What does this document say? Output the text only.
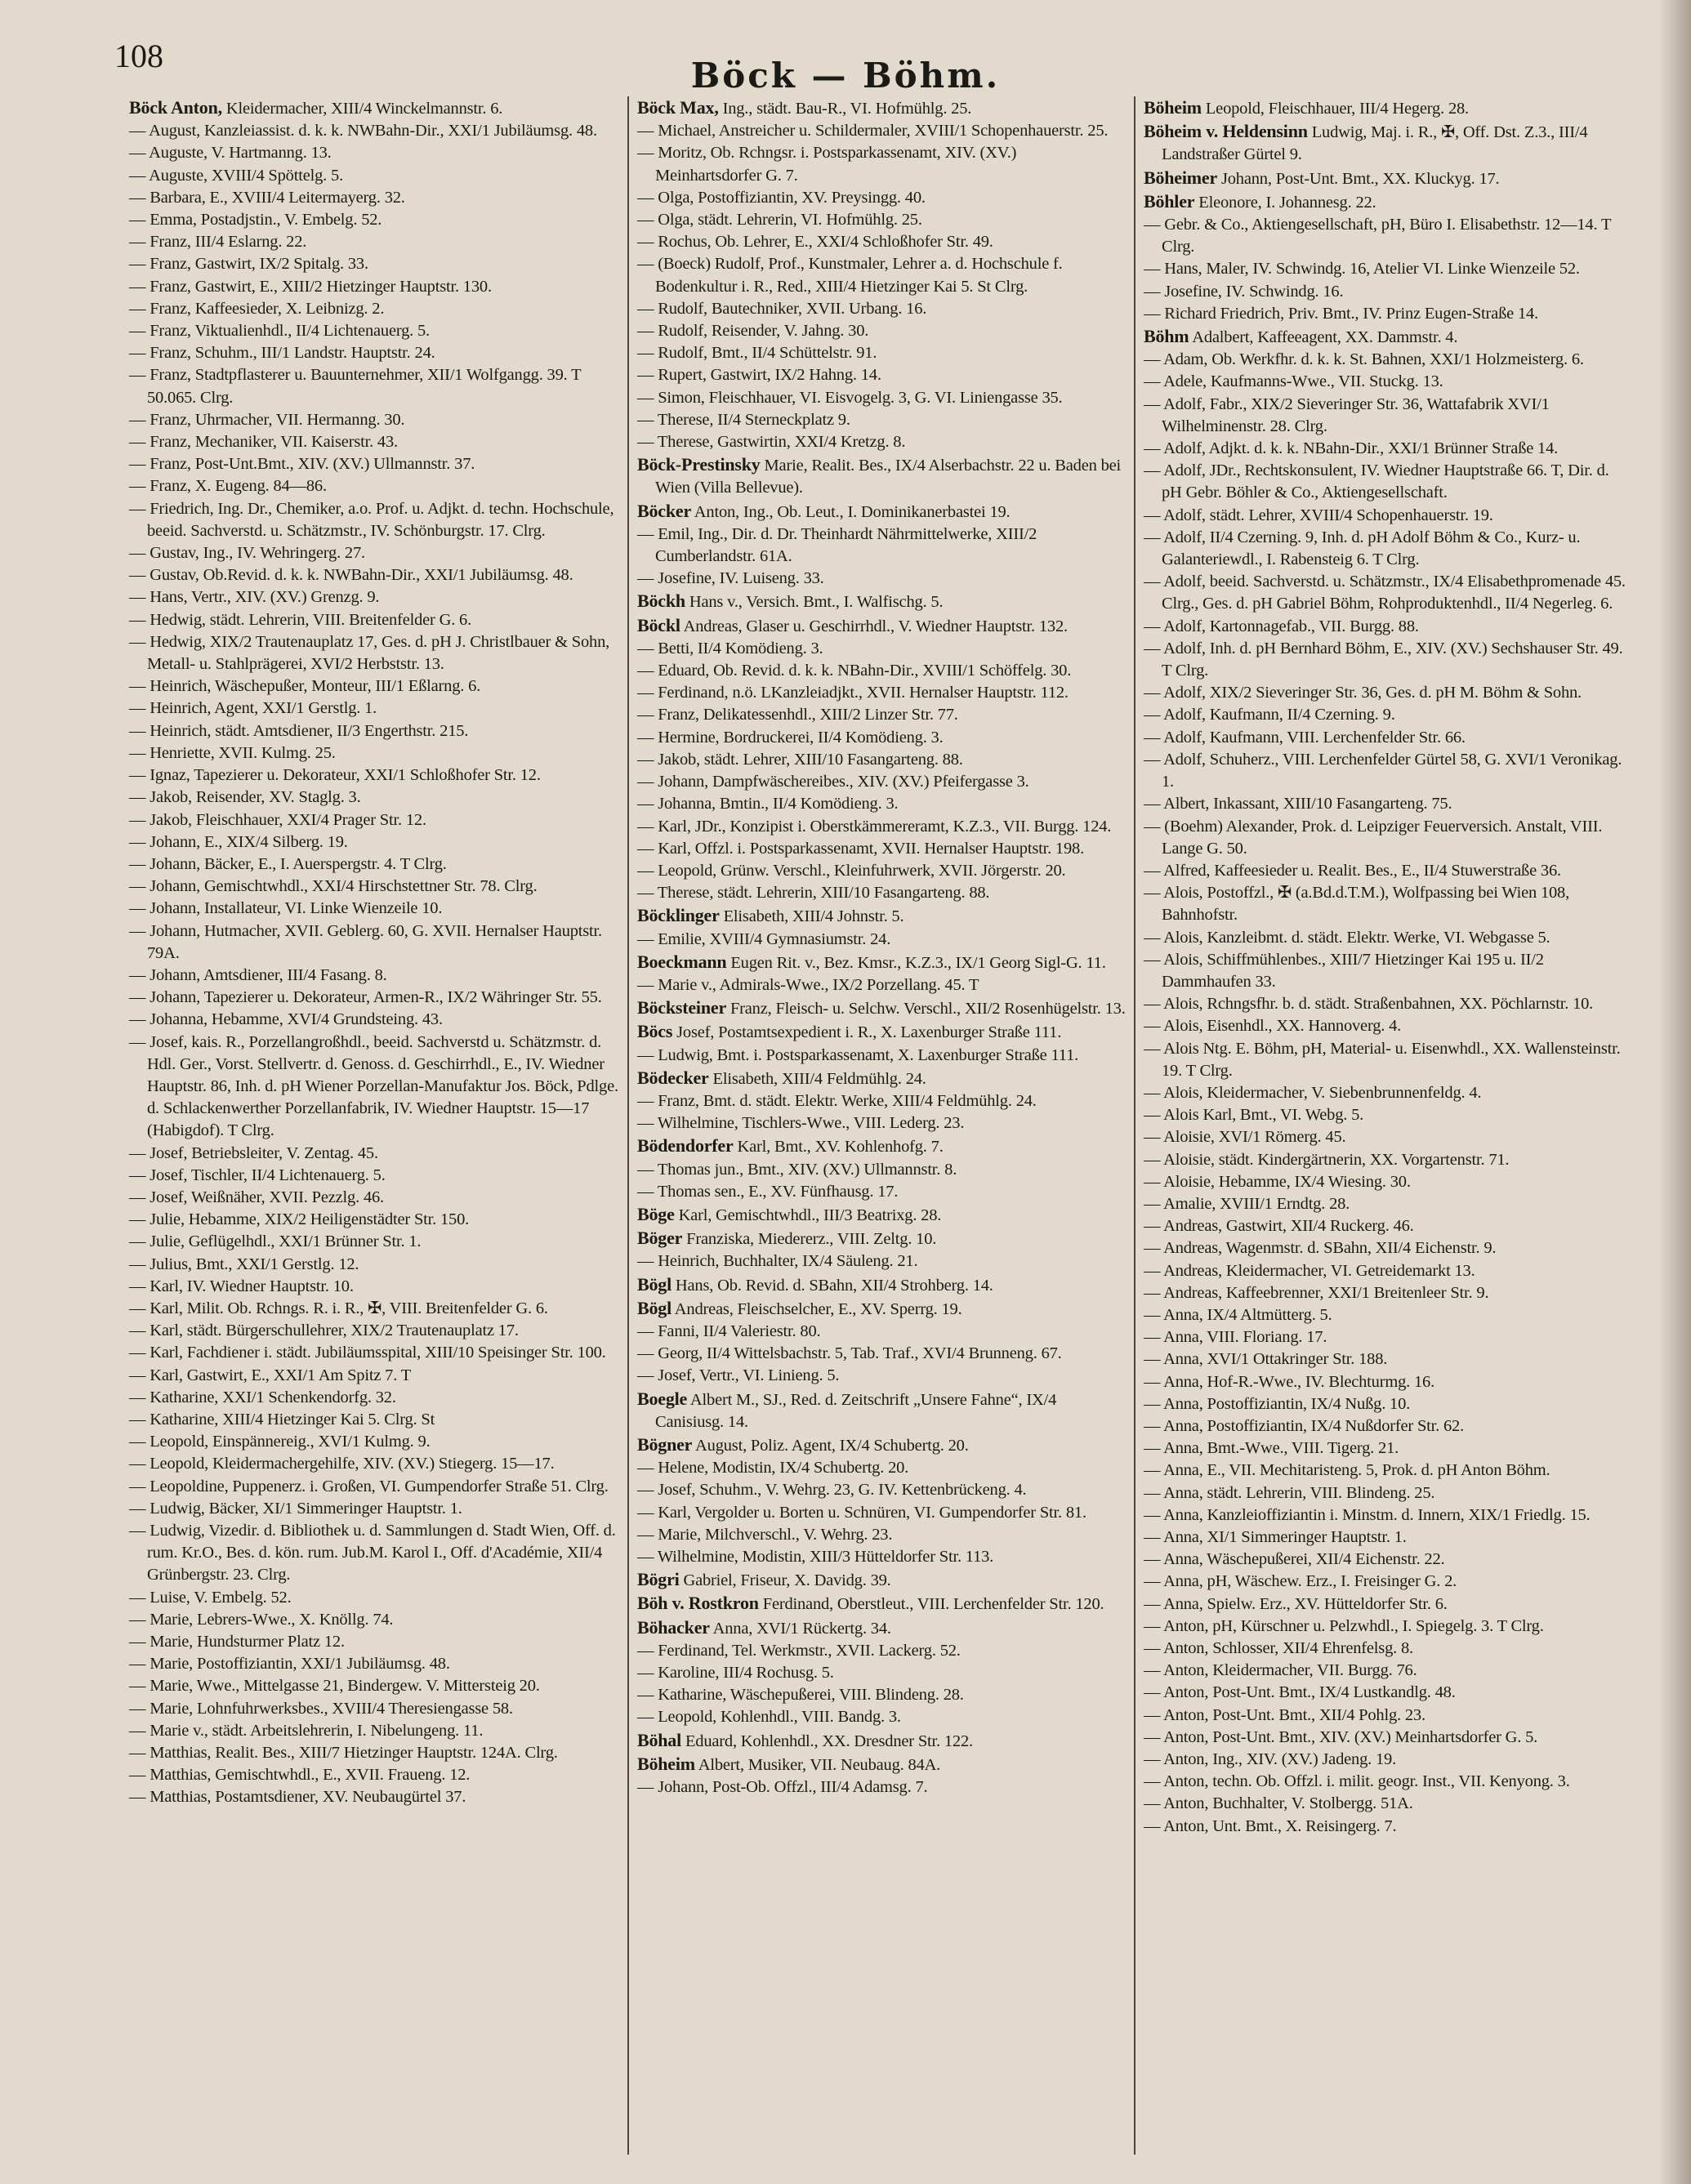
108	Böck — Böhm.
Böck Anton, Kleidermacher, XIII/4 Winckelmannstr. 6.
— August, Kanzleiassist. d. k. k. NWBahn-Dir., XXI/1 Jubiläumsg. 48.
— Auguste, V. Hartmanng. 13.
— Auguste, XVIII/4 Spöttelg. 5.
— Barbara, E., XVIII/4 Leitermayerg. 32.
— Emma, Postadjstin., V. Embelg. 52.
— Franz, III/4 Eslarng. 22.
— Franz, Gastwirt, IX/2 Spitalg. 33.
— Franz, Gastwirt, E., XIII/2 Hietzinger Hauptstr. 130.
— Franz, Kaffeesieder, X. Leibnizg. 2.
— Franz, Viktualienhdl., II/4 Lichtenauerg. 5.
— Franz, Schuhm., III/1 Landstr. Hauptstr. 24.
— Franz, Stadtpflasterer u. Bauunternehmer, XII/1 Wolfgangg. 39. T 50.065. Clrg.
— Franz, Uhrmacher, VII. Hermanng. 30.
— Franz, Mechaniker, VII. Kaiserstr. 43.
— Franz, Post-Unt.Bmt., XIV. (XV.) Ullmannstr. 37.
— Franz, X. Eugeng. 84—86.
— Friedrich, Ing. Dr., Chemiker, a.o. Prof. u. Adjkt. d. techn. Hochschule, beeid. Sachverstd. u. Schätzmstr., IV. Schönburgstr. 17. Clrg.
— Gustav, Ing., IV. Wehringerg. 27.
— Gustav, Ob.Revid. d. k. k. NWBahn-Dir., XXI/1 Jubiläumsg. 48.
— Hans, Vertr., XIV. (XV.) Grenzg. 9.
— Hedwig, städt. Lehrerin, VIII. Breitenfelder G. 6.
— Hedwig, XIX/2 Trautenauplatz 17, Ges. d. pH J. Christlbauer & Sohn, Metall- u. Stahlprägerei, XVI/2 Herbststr. 13.
— Heinrich, Wäschepußer, Monteur, III/1 Eßlarng. 6.
— Heinrich, Agent, XXI/1 Gerstlg. 1.
— Heinrich, städt. Amtsdiener, II/3 Engerthstr. 215.
— Henriette, XVII. Kulmg. 25.
— Ignaz, Tapezierer u. Dekorateur, XXI/1 Schloßhofer Str. 12.
— Jakob, Reisender, XV. Staglg. 3.
— Jakob, Fleischhauer, XXI/4 Prager Str. 12.
— Johann, E., XIX/4 Silberg. 19.
— Johann, Bäcker, E., I. Auerspergstr. 4. T Clrg.
— Johann, Gemischtwhdl., XXI/4 Hirschstettner Str. 78. Clrg.
— Johann, Installateur, VI. Linke Wienzeile 10.
— Johann, Hutmacher, XVII. Geblerg. 60, G. XVII. Hernalser Hauptstr. 79A.
— Johann, Amtsdiener, III/4 Fasang. 8.
— Johann, Tapezierer u. Dekorateur, Armen-R., IX/2 Währinger Str. 55.
— Johanna, Hebamme, XVI/4 Grundsteing. 43.
— Josef, kais. R., Porzellangroßhdl., beeid. Sachverstd u. Schätzmstr. d. Hdl. Ger., Vorst. Stellvertr. d. Genoss. d. Geschirrhdl., E., IV. Wiedner Hauptstr. 86, Inh. d. pH Wiener Porzellan-Manufaktur Jos. Böck, Pdlge. d. Schlackenwerther Porzellanfabrik, IV. Wiedner Hauptstr. 15—17 (Habigdof). T Clrg.
— Josef, Betriebsleiter, V. Zentag. 45.
— Josef, Tischler, II/4 Lichtenauerg. 5.
— Josef, Weißnäher, XVII. Pezzlg. 46.
— Julie, Hebamme, XIX/2 Heiligenstädter Str. 150.
— Julie, Geflügelhdl., XXI/1 Brünner Str. 1.
— Julius, Bmt., XXI/1 Gerstlg. 12.
— Karl, IV. Wiedner Hauptstr. 10.
— Karl, Milit. Ob. Rchngs. R. i. R., ✠, VIII. Breitenfelder G. 6.
— Karl, städt. Bürgerschullehrer, XIX/2 Trautenauplatz 17.
— Karl, Fachdiener i. städt. Jubiläumsspital, XIII/10 Speisinger Str. 100.
— Karl, Gastwirt, E., XXI/1 Am Spitz 7. T
— Katharine, XXI/1 Schenkendorfg. 32.
— Katharine, XIII/4 Hietzinger Kai 5. Clrg. St
— Leopold, Einspännereig., XVI/1 Kulmg. 9.
— Leopold, Kleidermachergehilfe, XIV. (XV.) Stiegerg. 15—17.
— Leopoldine, Puppenerz. i. Großen, VI. Gumpendorfer Straße 51. Clrg.
— Ludwig, Bäcker, XI/1 Simmeringer Hauptstr. 1.
— Ludwig, Vizedir. d. Bibliothek u. d. Sammlungen d. Stadt Wien, Off. d. rum. Kr.O., Bes. d. kön. rum. Jub.M. Karol I., Off. d'Académie, XII/4 Grünbergstr. 23. Clrg.
— Luise, V. Embelg. 52.
— Marie, Lebrers-Wwe., X. Knöllg. 74.
— Marie, Hundsturmer Platz 12.
— Marie, Postoffiziantin, XXI/1 Jubiläumsg. 48.
— Marie, Wwe., Mittelgasse 21, Bindergew. V. Mittersteig 20.
— Marie, Lohnfuhrwerksbes., XVIII/4 Theresiengasse 58.
— Marie v., städt. Arbeitslehrerin, I. Nibelungeng. 11.
— Matthias, Realit. Bes., XIII/7 Hietzinger Hauptstr. 124A. Clrg.
— Matthias, Gemischtwhdl., E., XVII. Fraueng. 12.
— Matthias, Postamtsdiener, XV. Neubaugürtel 37.
Böck Max, Ing., städt. Bau-R., VI. Hofmühlg. 25.
— Michael, Anstreicher u. Schildermaler, XVIII/1 Schopenhauerstr. 25.
— Moritz, Ob. Rchngsr. i. Postsparkassenamt, XIV. (XV.) Meinhartsdorfer G. 7.
— Olga, Postoffiziantin, XV. Preysingg. 40.
— Olga, städt. Lehrerin, VI. Hofmühlg. 25.
— Rochus, Ob. Lehrer, E., XXI/4 Schloßhofer Str. 49.
— (Boeck) Rudolf, Prof., Kunstmaler, Lehrer a. d. Hochschule f. Bodenkultur i. R., Red., XIII/4 Hietzinger Kai 5. St Clrg.
— Rudolf, Bautechniker, XVII. Urbang. 16.
— Rudolf, Reisender, V. Jahng. 30.
— Rudolf, Bmt., II/4 Schüttelstr. 91.
— Rupert, Gastwirt, IX/2 Hahng. 14.
— Simon, Fleischhauer, VI. Eisvogelg. 3, G. VI. Liniengasse 35.
— Therese, II/4 Sterneckplatz 9.
— Therese, Gastwirtin, XXI/4 Kretzg. 8.
Böck-Prestinsky Marie, Realit. Bes., IX/4 Alserbachstr. 22 u. Baden bei Wien (Villa Bellevue).
Böcker Anton, Ing., Ob. Leut., I. Dominikanerbastei 19.
— Emil, Ing., Dir. d. Dr. Theinhardt Nährmittelwerke, XIII/2 Cumberlandstr. 61A.
— Josefine, IV. Luiseng. 33.
Böckh Hans v., Versich. Bmt., I. Walfischg. 5.
Böckl Andreas, Glaser u. Geschirrhdl., V. Wiedner Hauptstr. 132.
— Betti, II/4 Komödieng. 3.
— Eduard, Ob. Revid. d. k. k. NBahn-Dir., XVIII/1 Schöffelg. 30.
— Ferdinand, n.ö. LKanzleiadjkt., XVII. Hernalser Hauptstr. 112.
— Franz, Delikatessenhdl., XIII/2 Linzer Str. 77.
— Hermine, Bordruckerei, II/4 Komödieng. 3.
— Jakob, städt. Lehrer, XIII/10 Fasangarteng. 88.
— Johann, Dampfwäschereibes., XIV. (XV.) Pfeifergasse 3.
— Johanna, Bmtin., II/4 Komödieng. 3.
— Karl, JDr., Konzipist i. Oberstkämmereramt, K.Z.3., VII. Burgg. 124.
— Karl, Offzl. i. Postsparkassenamt, XVII. Hernalser Hauptstr. 198.
— Leopold, Grünw. Verschl., Kleinfuhrwerk, XVII. Jörgerstr. 20.
— Therese, städt. Lehrerin, XIII/10 Fasangarteng. 88.
Böcklinger Elisabeth, XIII/4 Johnstr. 5.
— Emilie, XVIII/4 Gymnasiumstr. 24.
Boeckmann Eugen Rit. v., Bez. Kmsr., K.Z.3., IX/1 Georg Sigl-G. 11.
— Marie v., Admirals-Wwe., IX/2 Porzellang. 45. T
Böcksteiner Franz, Fleisch- u. Selchw. Verschl., XII/2 Rosenhügelstr. 13.
Böcs Josef, Postamtsexpedient i. R., X. Laxenburger Straße 111.
— Ludwig, Bmt. i. Postsparkassenamt, X. Laxenburger Straße 111.
Bödecker Elisabeth, XIII/4 Feldmühlg. 24.
— Franz, Bmt. d. städt. Elektr. Werke, XIII/4 Feldmühlg. 24.
— Wilhelmine, Tischlers-Wwe., VIII. Lederg. 23.
Bödendorfer Karl, Bmt., XV. Kohlenhofg. 7.
— Thomas jun., Bmt., XIV. (XV.) Ullmannstr. 8.
— Thomas sen., E., XV. Fünfhausg. 17.
Böge Karl, Gemischtwhdl., III/3 Beatrixg. 28.
Böger Franziska, Miedererz., VIII. Zeltg. 10.
— Heinrich, Buchhalter, IX/4 Säuleng. 21.
Bögl Hans, Ob. Revid. d. SBahn, XII/4 Strohberg. 14.
Bögl Andreas, Fleischselcher, E., XV. Sperrg. 19.
— Fanni, II/4 Valeriestr. 80.
— Georg, II/4 Wittelsbachstr. 5, Tab. Traf., XVI/4 Brunneng. 67.
— Josef, Vertr., VI. Linieng. 5.
Boegle Albert M., SJ., Red. d. Zeitschrift „Unsere Fahne“, IX/4 Canisiusg. 14.
Bögner August, Poliz. Agent, IX/4 Schubertg. 20.
— Helene, Modistin, IX/4 Schubertg. 20.
— Josef, Schuhm., V. Wehrg. 23, G. IV. Kettenbrückeng. 4.
— Karl, Vergolder u. Borten u. Schnüren, VI. Gumpendorfer Str. 81.
— Marie, Milchverschl., V. Wehrg. 23.
— Wilhelmine, Modistin, XIII/3 Hütteldorfer Str. 113.
Bögri Gabriel, Friseur, X. Davidg. 39.
Böh v. Rostkron Ferdinand, Oberstleut., VIII. Lerchenfelder Str. 120.
Böhacker Anna, XVI/1 Rückertg. 34.
— Ferdinand, Tel. Werkmstr., XVII. Lackerg. 52.
— Karoline, III/4 Rochusg. 5.
— Katharine, Wäschepußerei, VIII. Blindeng. 28.
— Leopold, Kohlenhdl., VIII. Bandg. 3.
Böhal Eduard, Kohlenhdl., XX. Dresdner Str. 122.
Böheim Albert, Musiker, VII. Neubaug. 84A.
— Johann, Post-Ob. Offzl., III/4 Adamsg. 7.
Böheim Leopold, Fleischhauer, III/4 Hegerg. 28.
Böheim v. Heldensinn Ludwig, Maj. i. R., ✠, Off. Dst. Z.3., III/4 Landstraßer Gürtel 9.
Böheimer Johann, Post-Unt. Bmt., XX. Kluckyg. 17.
Böhler Eleonore, I. Johannesg. 22.
— Gebr. & Co., Aktiengesellschaft, pH, Büro I. Elisabethstr. 12—14. T Clrg.
— Hans, Maler, IV. Schwindg. 16, Atelier VI. Linke Wienzeile 52.
— Josefine, IV. Schwindg. 16.
— Richard Friedrich, Priv. Bmt., IV. Prinz Eugen-Straße 14.
Böhm Adalbert, Kaffeeagent, XX. Dammstr. 4.
— Adam, Ob. Werkfhr. d. k. k. St. Bahnen, XXI/1 Holzmeisterg. 6.
— Adele, Kaufmanns-Wwe., VII. Stuckg. 13.
— Adolf, Fabr., XIX/2 Sieveringer Str. 36, Wattafabrik XVI/1 Wilhelminenstr. 28. Clrg.
— Adolf, Adjkt. d. k. k. NBahn-Dir., XXI/1 Brünner Straße 14.
— Adolf, JDr., Rechtskonsulent, IV. Wiedner Hauptstraße 66. T, Dir. d. pH Gebr. Böhler & Co., Aktiengesellschaft.
— Adolf, städt. Lehrer, XVIII/4 Schopenhauerstr. 19.
— Adolf, II/4 Czerning. 9, Inh. d. pH Adolf Böhm & Co., Kurz- u. Galanteriewdl., I. Rabensteig 6. T Clrg.
— Adolf, beeid. Sachverstd. u. Schätzmstr., IX/4 Elisabethpromenade 45. Clrg., Ges. d. pH Gabriel Böhm, Rohproduktenhdl., II/4 Negerleg. 6.
— Adolf, Kartonnagefab., VII. Burgg. 88.
— Adolf, Inh. d. pH Bernhard Böhm, E., XIV. (XV.) Sechshauser Str. 49. T Clrg.
— Adolf, XIX/2 Sieveringer Str. 36, Ges. d. pH M. Böhm & Sohn.
— Adolf, Kaufmann, II/4 Czerning. 9.
— Adolf, Kaufmann, VIII. Lerchenfelder Str. 66.
— Adolf, Schuherz., VIII. Lerchenfelder Gürtel 58, G. XVI/1 Veronikag. 1.
— Albert, Inkassant, XIII/10 Fasangarteng. 75.
— (Boehm) Alexander, Prok. d. Leipziger Feuerversich. Anstalt, VIII. Lange G. 50.
— Alfred, Kaffeesieder u. Realit. Bes., E., II/4 Stuwerstraße 36.
— Alois, Postoffzl., ✠ (a.Bd.d.T.M.), Wolfpassing bei Wien 108, Bahnhofstr.
— Alois, Kanzleibmt. d. städt. Elektr. Werke, VI. Webgasse 5.
— Alois, Schiffmühlenbes., XIII/7 Hietzinger Kai 195 u. II/2 Dammhaufen 33.
— Alois, Rchngsfhr. b. d. städt. Straßenbahnen, XX. Pöchlarnstr. 10.
— Alois, Eisenhdl., XX. Hannoverg. 4.
— Alois Ntg. E. Böhm, pH, Material- u. Eisenwhdl., XX. Wallensteinstr. 19. T Clrg.
— Alois, Kleidermacher, V. Siebenbrunnenfeldg. 4.
— Alois Karl, Bmt., VI. Webg. 5.
— Aloisie, XVI/1 Römerg. 45.
— Aloisie, städt. Kindergärtnerin, XX. Vorgartenstr. 71.
— Aloisie, Hebamme, IX/4 Wiesing. 30.
— Amalie, XVIII/1 Erndtg. 28.
— Andreas, Gastwirt, XII/4 Ruckerg. 46.
— Andreas, Wagenmstr. d. SBahn, XII/4 Eichenstr. 9.
— Andreas, Kleidermacher, VI. Getreidemarkt 13.
— Andreas, Kaffeebrenner, XXI/1 Breitenleer Str. 9.
— Anna, IX/4 Altmütterg. 5.
— Anna, VIII. Floriang. 17.
— Anna, XVI/1 Ottakringer Str. 188.
— Anna, Hof-R.-Wwe., IV. Blechturmg. 16.
— Anna, Postoffiziantin, IX/4 Nußg. 10.
— Anna, Postoffiziantin, IX/4 Nußdorfer Str. 62.
— Anna, Bmt.-Wwe., VIII. Tigerg. 21.
— Anna, E., VII. Mechitaristeng. 5, Prok. d. pH Anton Böhm.
— Anna, städt. Lehrerin, VIII. Blindeng. 25.
— Anna, Kanzleioffiziantin i. Minstm. d. Innern, XIX/1 Friedlg. 15.
— Anna, XI/1 Simmeringer Hauptstr. 1.
— Anna, Wäschepußerei, XII/4 Eichenstr. 22.
— Anna, pH, Wäschew. Erz., I. Freisinger G. 2.
— Anna, Spielw. Erz., XV. Hütteldorfer Str. 6.
— Anton, pH, Kürschner u. Pelzwhdl., I. Spiegelg. 3. T Clrg.
— Anton, Schlosser, XII/4 Ehrenfelsg. 8.
— Anton, Kleidermacher, VII. Burgg. 76.
— Anton, Post-Unt. Bmt., IX/4 Lustkandlg. 48.
— Anton, Post-Unt. Bmt., XII/4 Pohlg. 23.
— Anton, Post-Unt. Bmt., XIV. (XV.) Meinhartsdorfer G. 5.
— Anton, Ing., XIV. (XV.) Jadeng. 19.
— Anton, techn. Ob. Offzl. i. milit. geogr. Inst., VII. Kenyong. 3.
— Anton, Buchhalter, V. Stolbergg. 51A.
— Anton, Unt. Bmt., X. Reisingerg. 7.
